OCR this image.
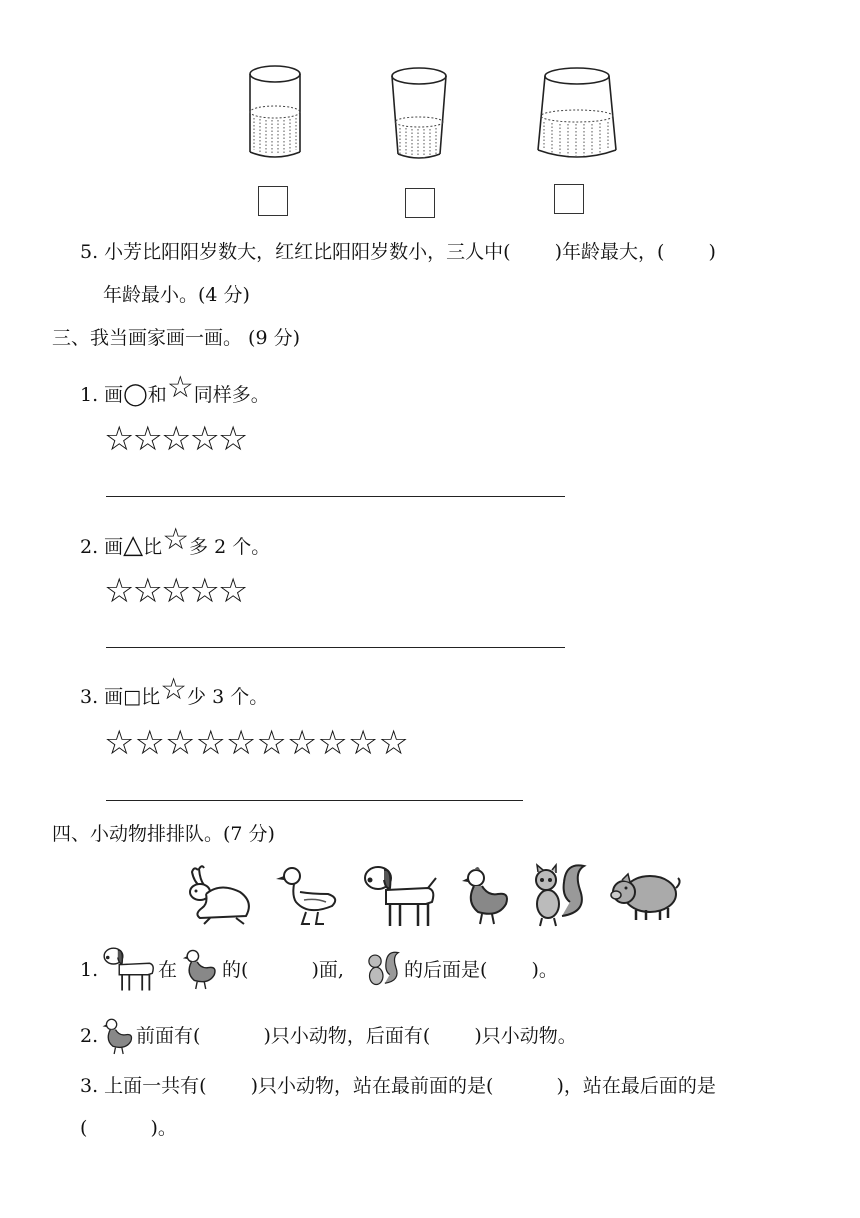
5. 小芳比阳阳岁数大，红红比阳阳岁数小，三人中(　　 )年龄最大，(　　 )
年龄最小。(4 分)
三、我当画家画一画。 (9 分)
1. 画◯和☆同样多。
☆☆☆☆☆
2. 画△比☆多 2 个。
☆☆☆☆☆
3. 画□比☆少 3 个。
☆☆☆☆☆☆☆☆☆☆
四、小动物排排队。(7 分)
1.	在 的(　　　 )面,	的后面是(　　 )。
2. 前面有(　　　 )只小动物，后面有(　　 )只小动物。
3. 上面一共有(　　 )只小动物，站在最前面的是(　　　 )，站在最后面的是
(　　　 )。
